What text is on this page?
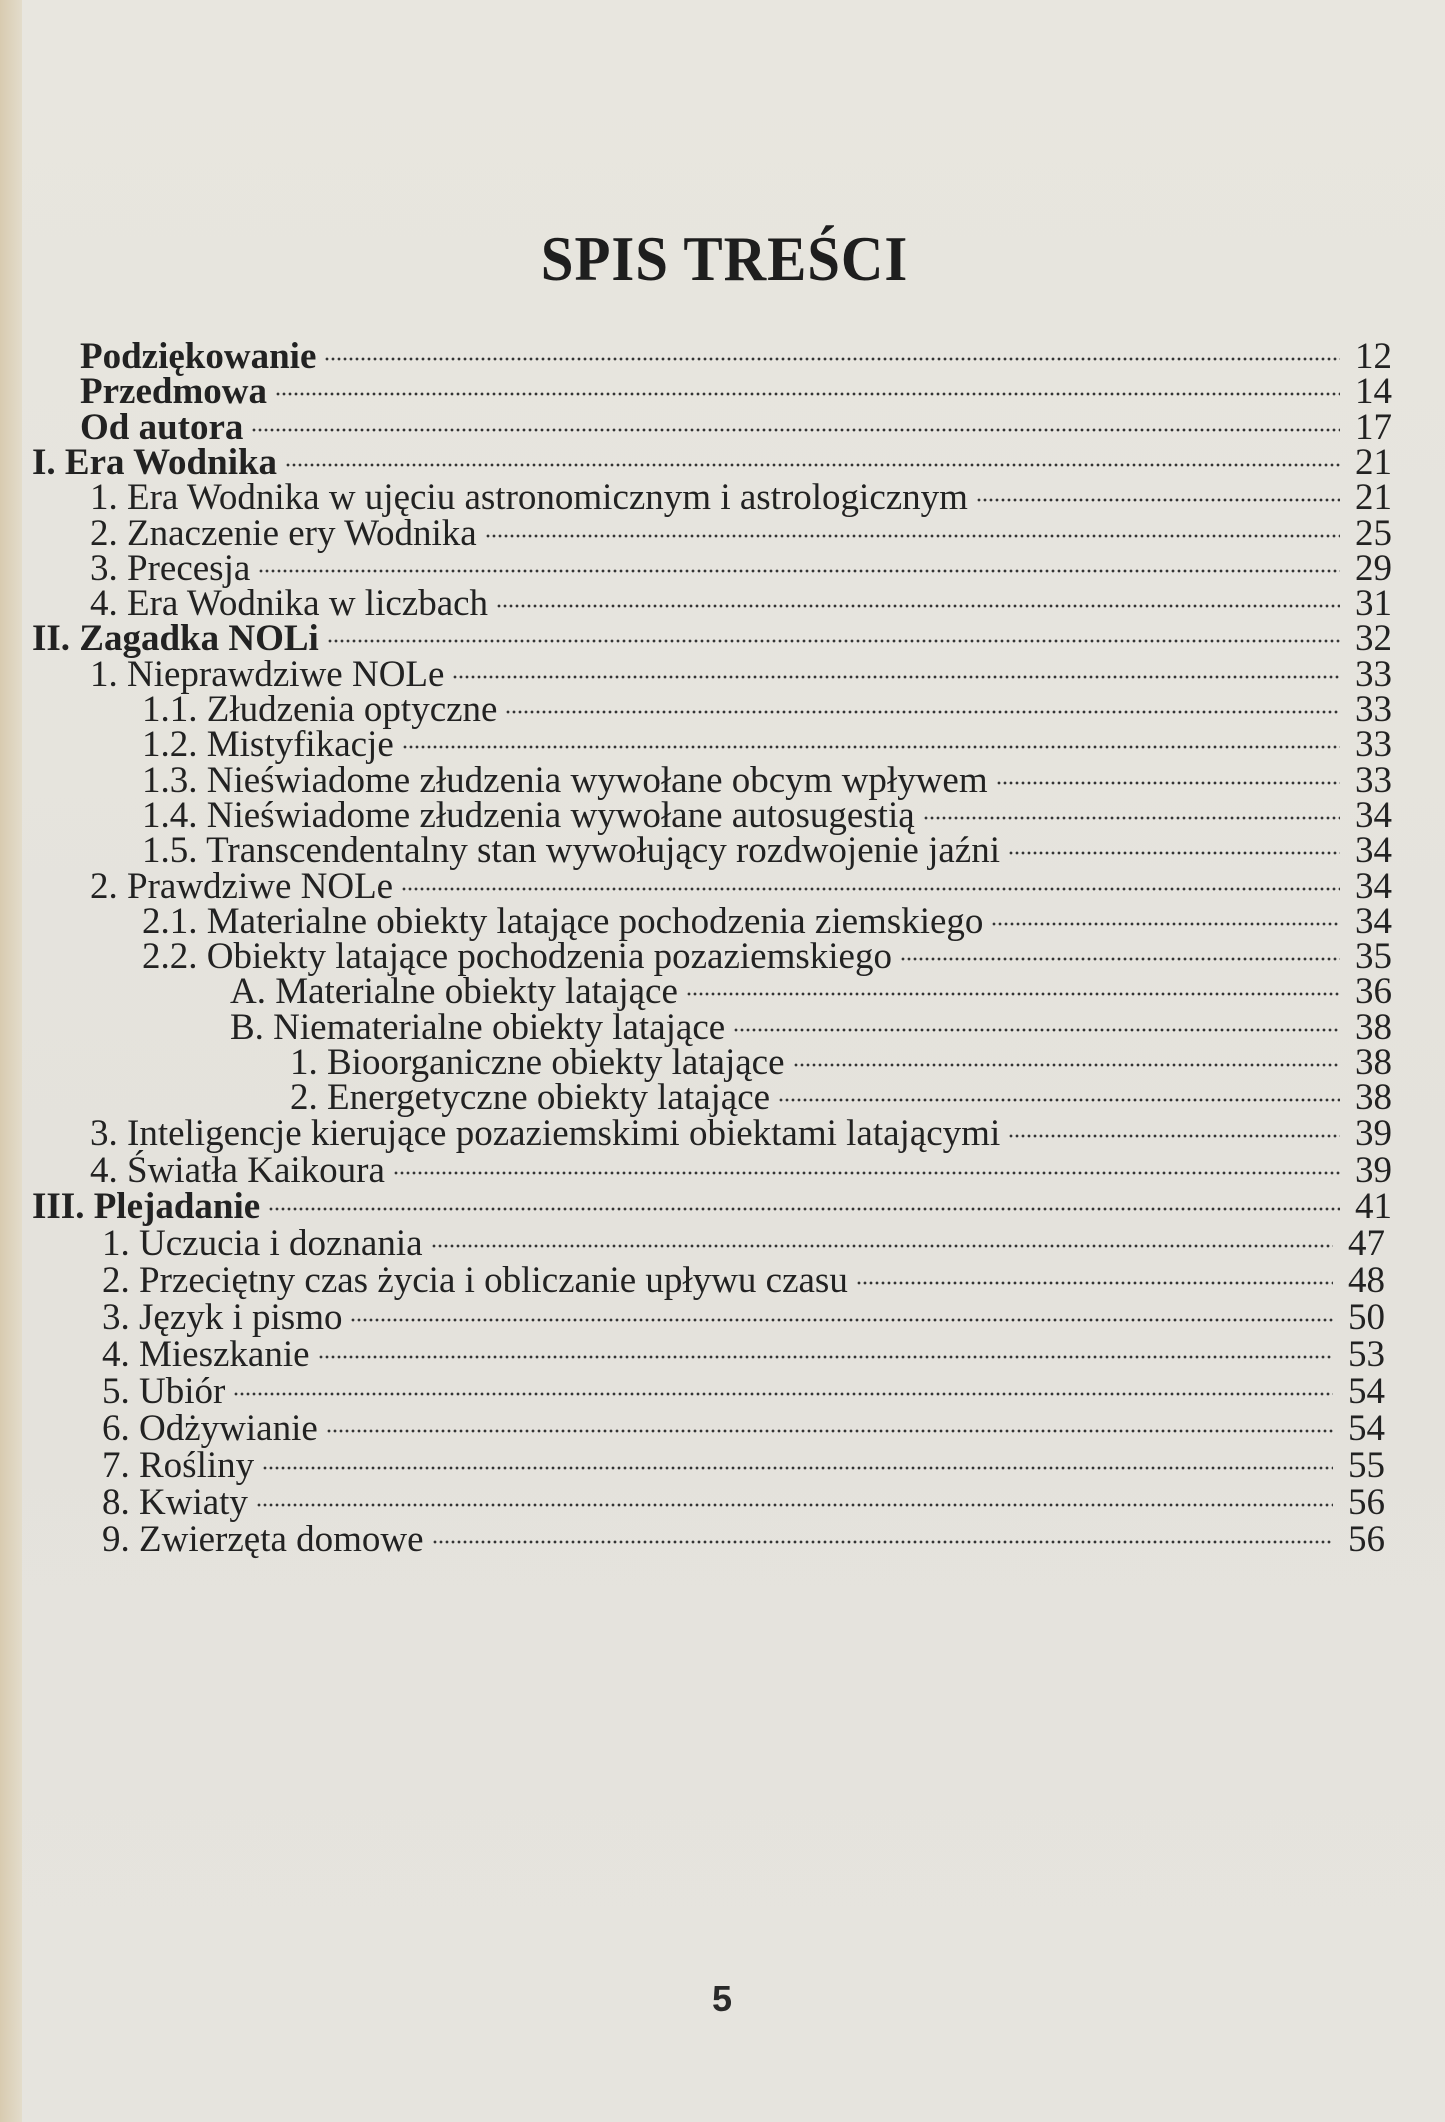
SPIS TREŚCI
Podziękowanie	12
Przedmowa	14
Od autora	17
I. Era Wodnika	21
1. Era Wodnika w ujęciu astronomicznym i astrologicznym	21
2. Znaczenie ery Wodnika	25
3. Precesja	29
4. Era Wodnika w liczbach	31
II. Zagadka NOLi	32
1. Nieprawdziwe NOLe	33
1.1. Złudzenia optyczne	33
1.2. Mistyfikacje	33
1.3. Nieświadome złudzenia wywołane obcym wpływem	33
1.4. Nieświadome złudzenia wywołane autosugestią	34
1.5. Transcendentalny stan wywołujący rozdwojenie jaźni	34
2. Prawdziwe NOLe	34
2.1. Materialne obiekty latające pochodzenia ziemskiego	34
2.2. Obiekty latające pochodzenia pozaziemskiego	35
A. Materialne obiekty latające	36
B. Niematerialne obiekty latające	38
1. Bioorganiczne obiekty latające	38
2. Energetyczne obiekty latające	38
3. Inteligencje kierujące pozaziemskimi obiektami latającymi	39
4. Światła Kaikoura	39
III. Plejadanie	41
1. Uczucia i doznania	47
2. Przeciętny czas życia i obliczanie upływu czasu	48
3. Język i pismo	50
4. Mieszkanie	53
5. Ubiór	54
6. Odżywianie	54
7. Rośliny	55
8. Kwiaty	56
9. Zwierzęta domowe	56
5
